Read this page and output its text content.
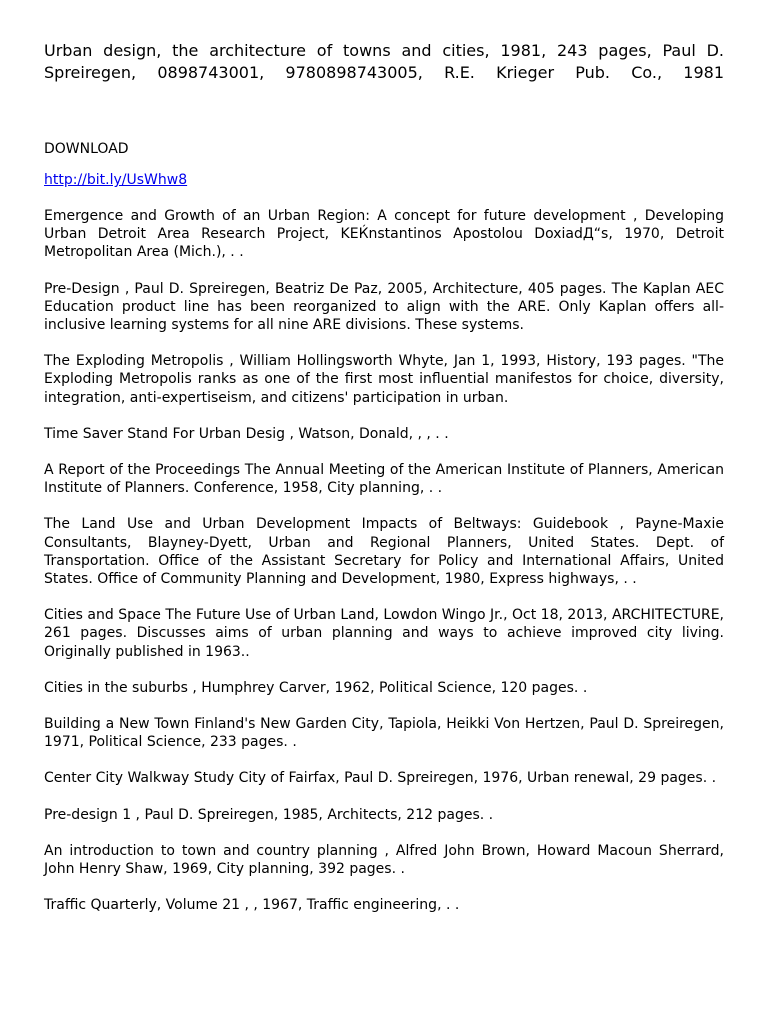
Urban design, the architecture of towns and cities, 1981, 243 pages, Paul D.
Spreiregen, 0898743001, 9780898743005, R.E. Krieger Pub. Co., 1981

DOWNLOAD

http://bit.ly/UsWhw8

Emergence and Growth of an Urban Region: A concept for future development , Developing Urban Detroit Area Research Project, KEЌnstantinos Apostolou DoxiadД“s, 1970, Detroit Metropolitan Area (Mich.), . .

Pre-Design , Paul D. Spreiregen, Beatriz De Paz, 2005, Architecture, 405 pages. The Kaplan AEC Education product line has been reorganized to align with the ARE. Only Kaplan offers all-inclusive learning systems for all nine ARE divisions. These systems.

The Exploding Metropolis , William Hollingsworth Whyte, Jan 1, 1993, History, 193 pages. "The Exploding Metropolis ranks as one of the first most influential manifestos for choice, diversity, integration, anti-expertiseism, and citizens' participation in urban.

Time Saver Stand For Urban Desig , Watson, Donald, , , . .

A Report of the Proceedings The Annual Meeting of the American Institute of Planners, American Institute of Planners. Conference, 1958, City planning, . .

The Land Use and Urban Development Impacts of Beltways: Guidebook , Payne-Maxie Consultants, Blayney-Dyett, Urban and Regional Planners, United States. Dept. of Transportation. Office of the Assistant Secretary for Policy and International Affairs, United States. Office of Community Planning and Development, 1980, Express highways, . .

Cities and Space The Future Use of Urban Land, Lowdon Wingo Jr., Oct 18, 2013, ARCHITECTURE, 261 pages. Discusses aims of urban planning and ways to achieve improved city living. Originally published in 1963..

Cities in the suburbs , Humphrey Carver, 1962, Political Science, 120 pages. .

Building a New Town Finland's New Garden City, Tapiola, Heikki Von Hertzen, Paul D. Spreiregen, 1971, Political Science, 233 pages. .

Center City Walkway Study City of Fairfax, Paul D. Spreiregen, 1976, Urban renewal, 29 pages. .

Pre-design 1 , Paul D. Spreiregen, 1985, Architects, 212 pages. .

An introduction to town and country planning , Alfred John Brown, Howard Macoun Sherrard, John Henry Shaw, 1969, City planning, 392 pages. .

Traffic Quarterly, Volume 21 , , 1967, Traffic engineering, . .
